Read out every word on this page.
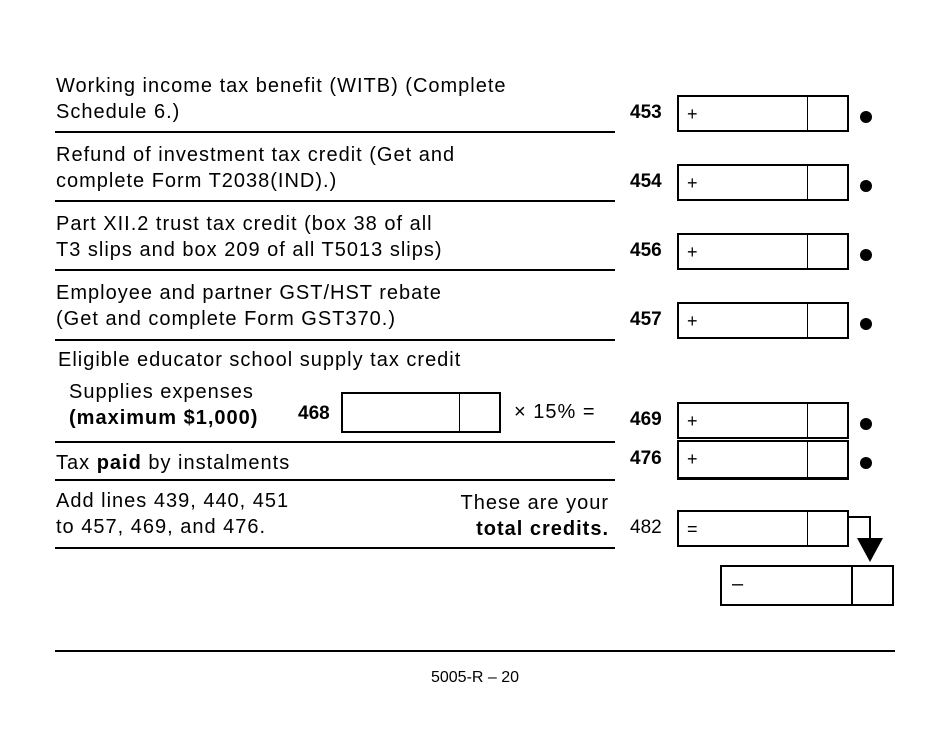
Working income tax benefit (WITB) (Complete
Schedule 6.)	453 +
Refund of investment tax credit (Get and
complete Form T2038(IND).)	454 +
Part XII.2 trust tax credit (box 38 of all
T3 slips and box 209 of all T5013 slips)	456 +
Employee and partner GST/HST rebate
(Get and complete Form GST370.)	457 +
Eligible educator school supply tax credit
Supplies expenses
(maximum $1,000) 468	× 15% = 469 +
Tax paid by instalments	476 +
Add lines 439, 440, 451
to 457, 469, and 476.
These are your
total credits. 482 =
–
5005-R – 20
